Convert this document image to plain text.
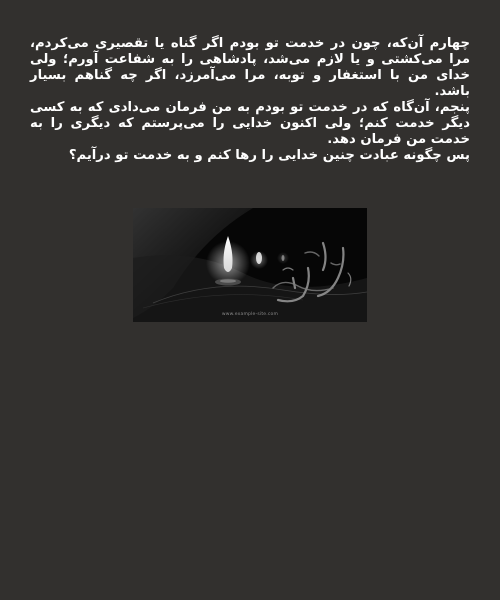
چهارم آن‌که، چون در خدمت تو بودم اگر گناه یا تقصیری می‌کردم، مرا می‌کشتی و یا لازم می‌شد، پادشاهی را به شفاعت آورم؛ ولی خدای من با استغفار و توبه، مرا می‌آمرزد، اگر چه گناهم بسیار باشد.

پنجم، آن‌گاه که در خدمت تو بودم به من فرمان می‌دادی که به کسی دیگر خدمت کنم؛ ولی اکنون خدایی را می‌پرستم که دیگری را به خدمت من فرمان دهد.

پس چگونه عبادت چنین خدایی را رها کنم و به خدمت تو درآیم؟

www.example-site.com
